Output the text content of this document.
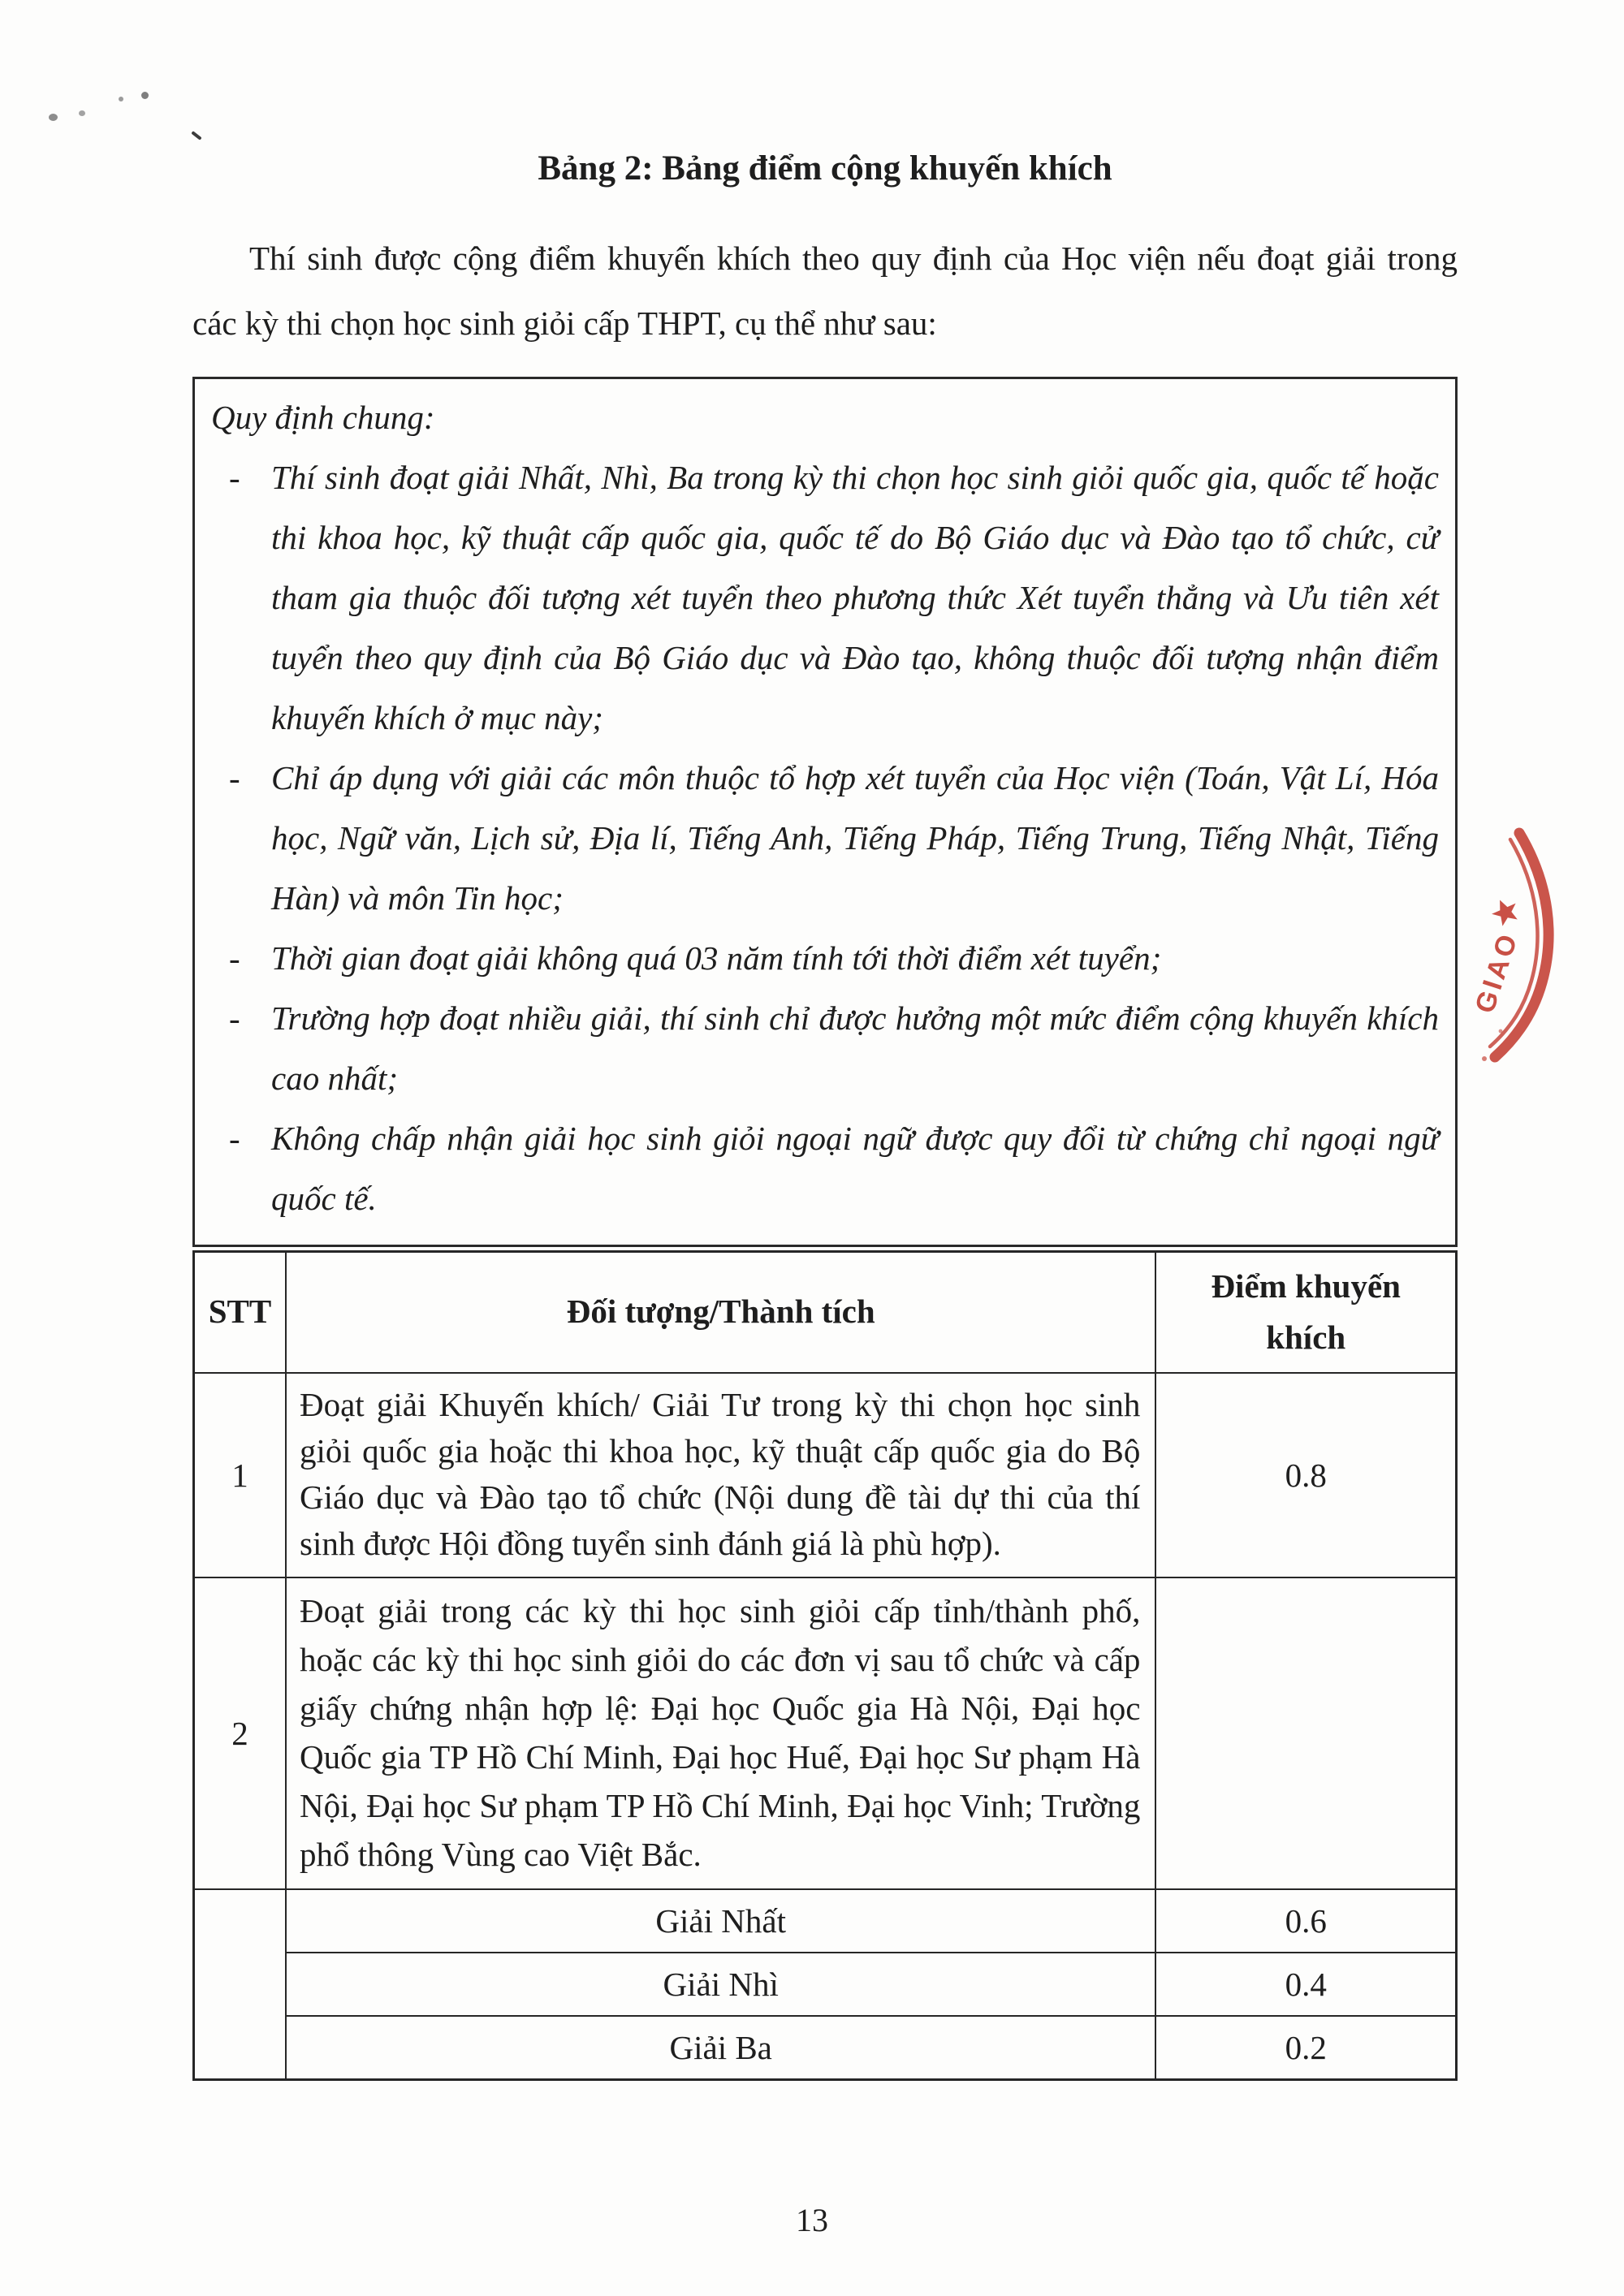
Bảng 2: Bảng điểm cộng khuyến khích

Thí sinh được cộng điểm khuyến khích theo quy định của Học viện nếu đoạt giải trong các kỳ thi chọn học sinh giỏi cấp THPT, cụ thể như sau:

Quy định chung:
- Thí sinh đoạt giải Nhất, Nhì, Ba trong kỳ thi chọn học sinh giỏi quốc gia, quốc tế hoặc thi khoa học, kỹ thuật cấp quốc gia, quốc tế do Bộ Giáo dục và Đào tạo tổ chức, cử tham gia thuộc đối tượng xét tuyển theo phương thức Xét tuyển thẳng và Ưu tiên xét tuyển theo quy định của Bộ Giáo dục và Đào tạo, không thuộc đối tượng nhận điểm khuyến khích ở mục này;
- Chỉ áp dụng với giải các môn thuộc tổ hợp xét tuyển của Học viện (Toán, Vật Lí, Hóa học, Ngữ văn, Lịch sử, Địa lí, Tiếng Anh, Tiếng Pháp, Tiếng Trung, Tiếng Nhật, Tiếng Hàn) và môn Tin học;
- Thời gian đoạt giải không quá 03 năm tính tới thời điểm xét tuyển;
- Trường hợp đoạt nhiều giải, thí sinh chỉ được hưởng một mức điểm cộng khuyến khích cao nhất;
- Không chấp nhận giải học sinh giỏi ngoại ngữ được quy đổi từ chứng chỉ ngoại ngữ quốc tế.
STT	Đối tượng/Thành tích	Điểm khuyến khích
1	Đoạt giải Khuyến khích/ Giải Tư trong kỳ thi chọn học sinh giỏi quốc gia hoặc thi khoa học, kỹ thuật cấp quốc gia do Bộ Giáo dục và Đào tạo tổ chức (Nội dung đề tài dự thi của thí sinh được Hội đồng tuyển sinh đánh giá là phù hợp).	0.8
2	Đoạt giải trong các kỳ thi học sinh giỏi cấp tỉnh/thành phố, hoặc các kỳ thi học sinh giỏi do các đơn vị sau tổ chức và cấp giấy chứng nhận hợp lệ: Đại học Quốc gia Hà Nội, Đại học Quốc gia TP Hồ Chí Minh, Đại học Huế, Đại học Sư phạm Hà Nội, Đại học Sư phạm TP Hồ Chí Minh, Đại học Vinh; Trường phổ thông Vùng cao Việt Bắc.	
	Giải Nhất	0.6
	Giải Nhì	0.4
	Giải Ba	0.2
GIAO
13
